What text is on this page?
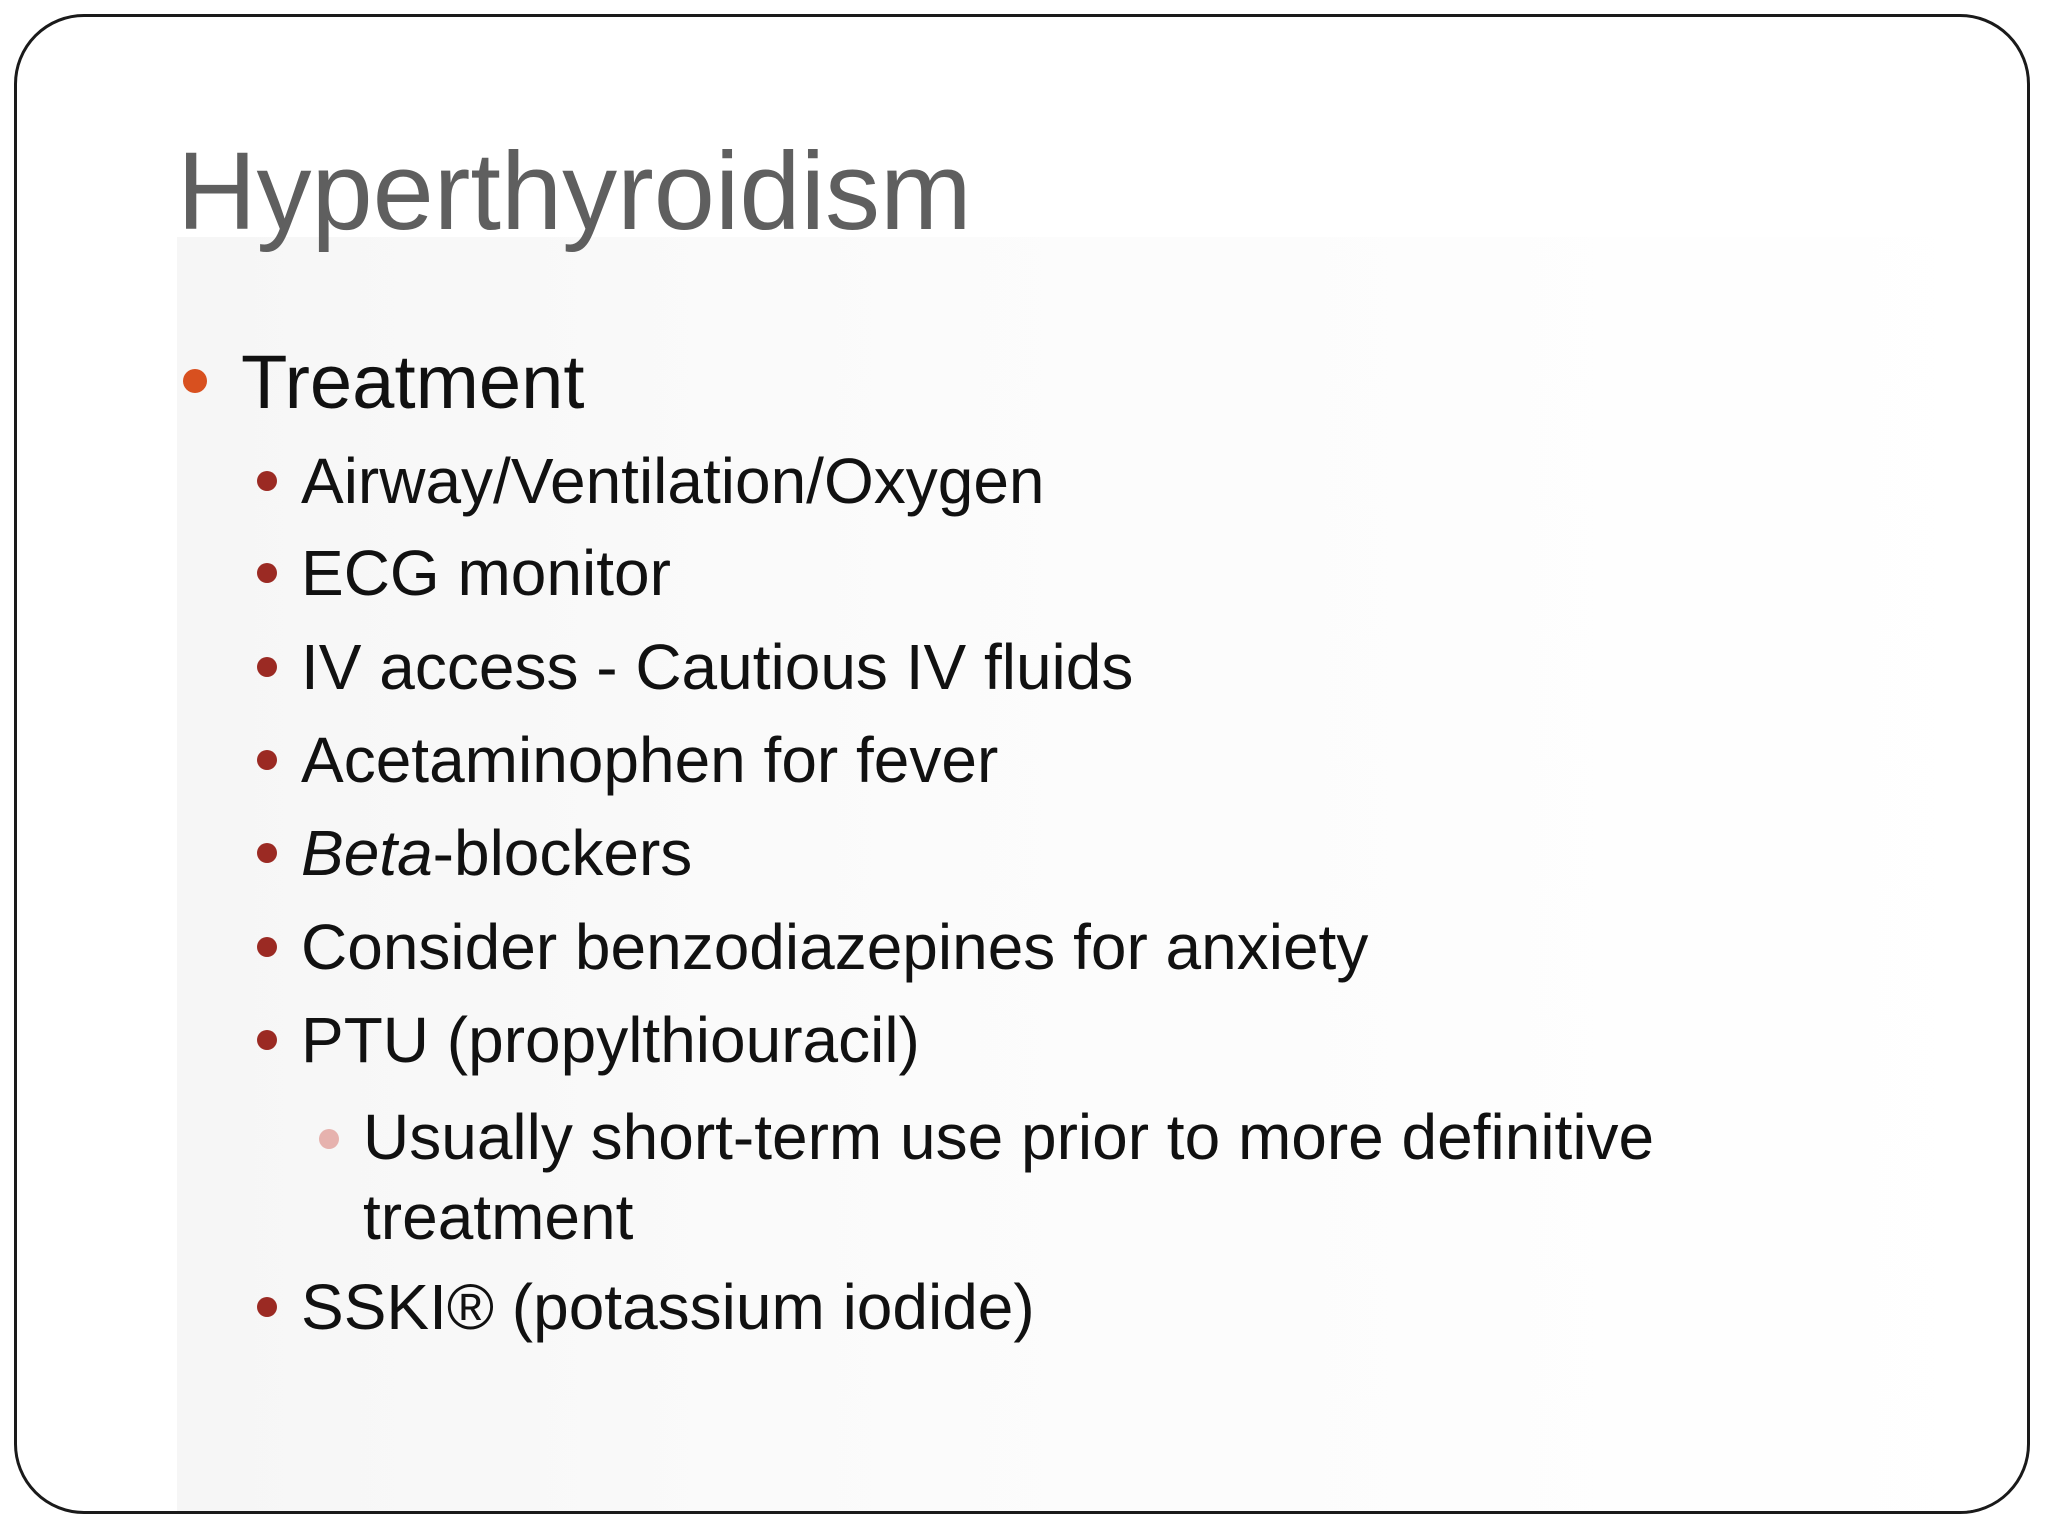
Hyperthyroidism
Treatment
Airway/Ventilation/Oxygen
ECG monitor
IV access - Cautious IV fluids
Acetaminophen for fever
Beta-blockers
Consider benzodiazepines for anxiety
PTU (propylthiouracil)
Usually short-term use prior to more definitive
treatment
SSKI® (potassium iodide)
